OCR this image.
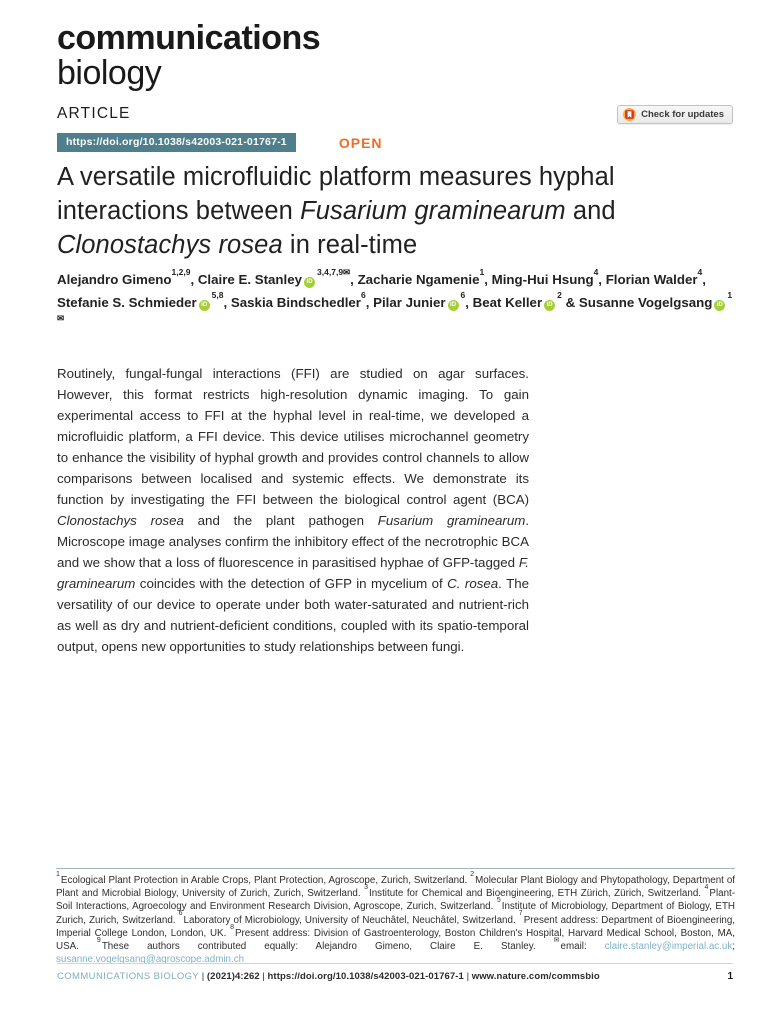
communications
biology
ARTICLE	Check for updates
https://doi.org/10.1038/s42003-021-01767-1	OPEN
A versatile microfluidic platform measures hyphal interactions between Fusarium graminearum and Clonostachys rosea in real-time

Alejandro Gimeno$^{1,2,9}$, Claire E. Stanley $iD^{3,4,7,9✉}$, Zacharie Ngamenie$^1$, Ming-Hui Hsung$^4$, Florian Walder$^4$, Stefanie S. Schmieder iD$^{5,8}$, Saskia Bindschedler$^6$, Pilar Junier $iD^6$, Beat Keller $iD^2$ & Susanne Vogelgsang $iD^{1✉}$

Routinely, fungal-fungal interactions (FFI) are studied on agar surfaces. However, this format restricts high-resolution dynamic imaging. To gain experimental access to FFI at the hyphal level in real-time, we developed a microfluidic platform, a FFI device. This device utilises microchannel geometry to enhance the visibility of hyphal growth and provides control channels to allow comparisons between localised and systemic effects. We demonstrate its function by investigating the FFI between the biological control agent (BCA) Clonostachys rosea and the plant pathogen Fusarium graminearum. Microscope image analyses confirm the inhibitory effect of the necrotrophic BCA and we show that a loss of fluorescence in parasitised hyphae of GFP-tagged F. graminearum coincides with the detection of GFP in mycelium of C. rosea. The versatility of our device to operate under both water-saturated and nutrient-rich as well as dry and nutrient-deficient conditions, coupled with its spatio-temporal output, opens new opportunities to study relationships between fungi.

$^1$Ecological Plant Protection in Arable Crops, Plant Protection, Agroscope, Zurich, Switzerland. $^2$Molecular Plant Biology and Phytopathology, Department of Plant and Microbial Biology, University of Zurich, Zurich, Switzerland. $^3$Institute for Chemical and Bioengineering, ETH Zürich, Zürich, Switzerland. $^4$Plant-Soil Interactions, Agroecology and Environment Research Division, Agroscope, Zurich, Switzerland. $^5$Institute of Microbiology, Department of Biology, ETH Zurich, Zurich, Switzerland. $^6$Laboratory of Microbiology, University of Neuchâtel, Neuchâtel, Switzerland. $^7$Present address: Department of Bioengineering, Imperial College London, London, UK. $^8$Present address: Division of Gastroenterology, Boston Children's Hospital, Harvard Medical School, Boston, MA, USA. $^9$These authors contributed equally: Alejandro Gimeno, Claire E. Stanley. ✉email: claire.stanley@imperial.ac.uk; susanne.vogelgsang@agroscope.admin.ch

COMMUNICATIONS BIOLOGY | (2021)4:262 | https://doi.org/10.1038/s42003-021-01767-1 | www.nature.com/commsbio	1
